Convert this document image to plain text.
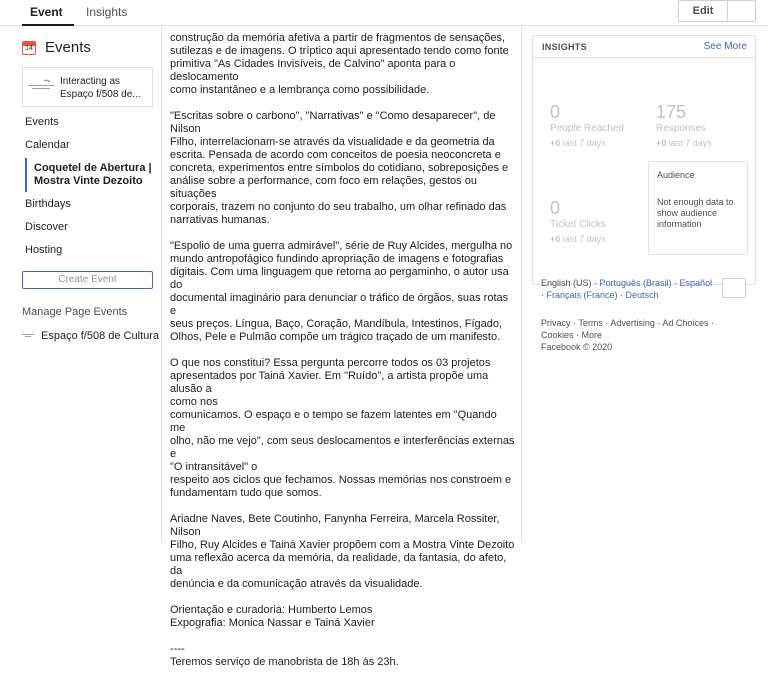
Event Insights	Edit
14 Events
Interacting as Espaço f/508 de...
Events
Calendar
Coquetel de Abertura | Mostra Vinte Dezoito
Birthdays
Discover
Hosting
Create Event
Manage Page Events
Espaço f/508 de Cultura

.
construção da memória afetiva a partir de fragmentos de sensações,
sutilezas e de imagens. O tríptico aqui apresentado tendo como fonte
primitiva "As Cidades Invisíveis, de Calvino" aponta para o deslocamento
como instantâneo e a lembrança como possibilidade.

"Escritas sobre o carbono", "Narrativas" e "Como desaparecer", de Nilson
Filho, interrelacionam-se através da visualidade e da geometria da
escrita. Pensada de acordo com conceitos de poesia neoconcreta e
concreta, experimentos entre símbolos do cotidiano, sobreposições e
análise sobre a performance, com foco em relações, gestos ou situações
corporais, trazem no conjunto do seu trabalho, um olhar refinado das
narrativas humanas.

"Espolio de uma guerra admirável", série de Ruy Alcides, mergulha no
mundo antropofágico fundindo apropriação de imagens e fotografias
digitais. Com uma linguagem que retorna ao pergaminho, o autor usa do
documental imaginário para denunciar o tráfico de órgãos, suas rotas e
seus preços. Língua, Baço, Coração, Mandíbula, Intestinos, Fígado,
Olhos, Pele e Pulmão compõe um trágico traçado de um manifesto.

O que nos constitui? Essa pergunta percorre todos os 03 projetos
apresentados por Tainá Xavier. Em "Ruído", a artista propõe uma alusão a
como nos
comunicamos. O espaço e o tempo se fazem latentes em "Quando me
olho, não me vejo", com seus deslocamentos e interferências externas e
"O intransitável" o
respeito aos ciclos que fechamos. Nossas memórias nos constroem e
fundamentam tudo que somos.

Ariadne Naves, Bete Coutinho, Fanynha Ferreira, Marcela Rossiter, Nilson
Filho, Ruy Alcides e Tainá Xavier propõem com a Mostra Vinte Dezoito
uma reflexão acerca da memória, da realidade, da fantasia, do afeto, da
denúncia e da comunicação através da visualidade.

Orientação e curadoria: Humberto Lemos
Expografia: Monica Nassar e Tainá Xavier

----
Teremos serviço de manobrista de 18h às 23h.

INSIGHTS	See More
0
People Reached
+0 last 7 days
175
Responses
+0 last 7 days
0
Ticket Clicks
+0 last 7 days
Audience
Not enough data to show audience information
English (US) · Português (Brasil) · Español
· Français (France) · Deutsch
Privacy · Terms · Advertising · Ad Choices ·
Cookies · More
Facebook © 2020
